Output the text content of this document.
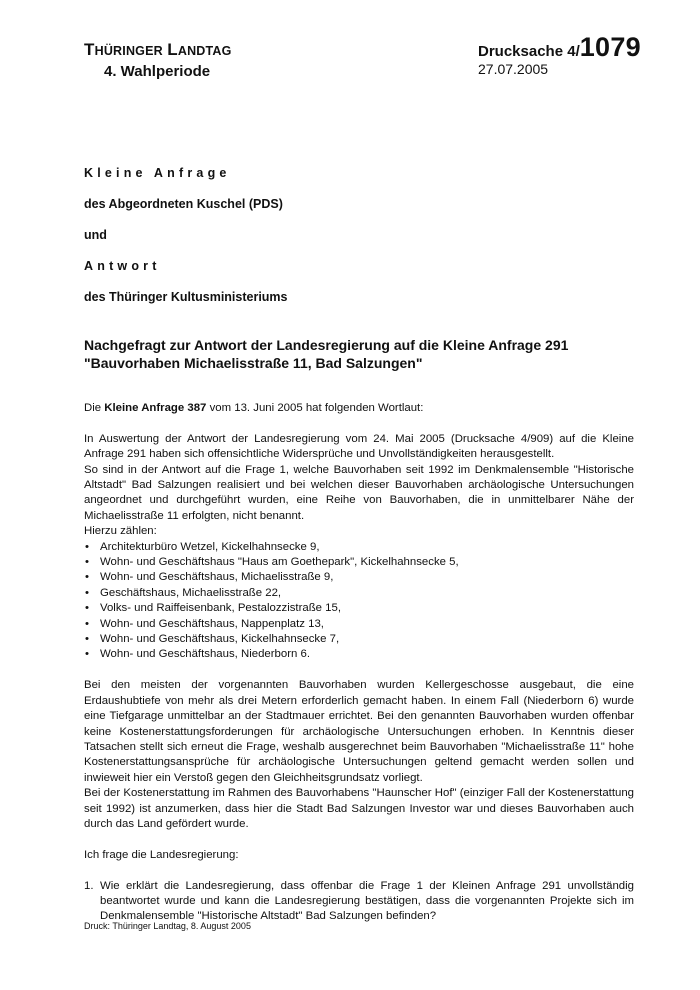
THÜRINGER LANDTAG
4. Wahlperiode
Drucksache 4/1079
27.07.2005
Kleine Anfrage
des Abgeordneten Kuschel (PDS)
und
Antwort
des Thüringer Kultusministeriums
Nachgefragt zur Antwort der Landesregierung auf die Kleine Anfrage 291 "Bauvorhaben Michaelisstraße 11, Bad Salzungen"

Die Kleine Anfrage 387 vom 13. Juni 2005 hat folgenden Wortlaut:

In Auswertung der Antwort der Landesregierung vom 24. Mai 2005 (Drucksache 4/909) auf die Kleine Anfrage 291 haben sich offensichtliche Widersprüche und Unvollständigkeiten herausgestellt.

So sind in der Antwort auf die Frage 1, welche Bauvorhaben seit 1992 im Denkmalensemble "Historische Altstadt" Bad Salzungen realisiert und bei welchen dieser Bauvorhaben archäologische Untersuchungen angeordnet und durchgeführt wurden, eine Reihe von Bauvorhaben, die in unmittelbarer Nähe der Michaelisstraße 11 erfolgten, nicht benannt.

Hierzu zählen:

• Architekturbüro Wetzel, Kickelhahnsecke 9,
• Wohn- und Geschäftshaus "Haus am Goethepark", Kickelhahnsecke 5,
• Wohn- und Geschäftshaus, Michaelisstraße 9,
• Geschäftshaus, Michaelisstraße 22,
• Volks- und Raiffeisenbank, Pestalozzistraße 15,
• Wohn- und Geschäftshaus, Nappenplatz 13,
• Wohn- und Geschäftshaus, Kickelhahnsecke 7,
• Wohn- und Geschäftshaus, Niederborn 6.

Bei den meisten der vorgenannten Bauvorhaben wurden Kellergeschosse ausgebaut, die eine Erdaushubtiefe von mehr als drei Metern erforderlich gemacht haben. In einem Fall (Niederborn 6) wurde eine Tiefgarage unmittelbar an der Stadtmauer errichtet. Bei den genannten Bauvorhaben wurden offenbar keine Kostenerstattungsforderungen für archäologische Untersuchungen erhoben. In Kenntnis dieser Tatsachen stellt sich erneut die Frage, weshalb ausgerechnet beim Bauvorhaben "Michaelisstraße 11" hohe Kostenerstattungsansprüche für archäologische Untersuchungen geltend gemacht werden sollen und inwieweit hier ein Verstoß gegen den Gleichheitsgrundsatz vorliegt.

Bei der Kostenerstattung im Rahmen des Bauvorhabens "Haunscher Hof" (einziger Fall der Kostenerstattung seit 1992) ist anzumerken, dass hier die Stadt Bad Salzungen Investor war und dieses Bauvorhaben auch durch das Land gefördert wurde.

Ich frage die Landesregierung:

1. Wie erklärt die Landesregierung, dass offenbar die Frage 1 der Kleinen Anfrage 291 unvollständig beantwortet wurde und kann die Landesregierung bestätigen, dass die vorgenannten Projekte sich im Denkmalensemble "Historische Altstadt" Bad Salzungen befinden?
Druck: Thüringer Landtag, 8. August 2005
